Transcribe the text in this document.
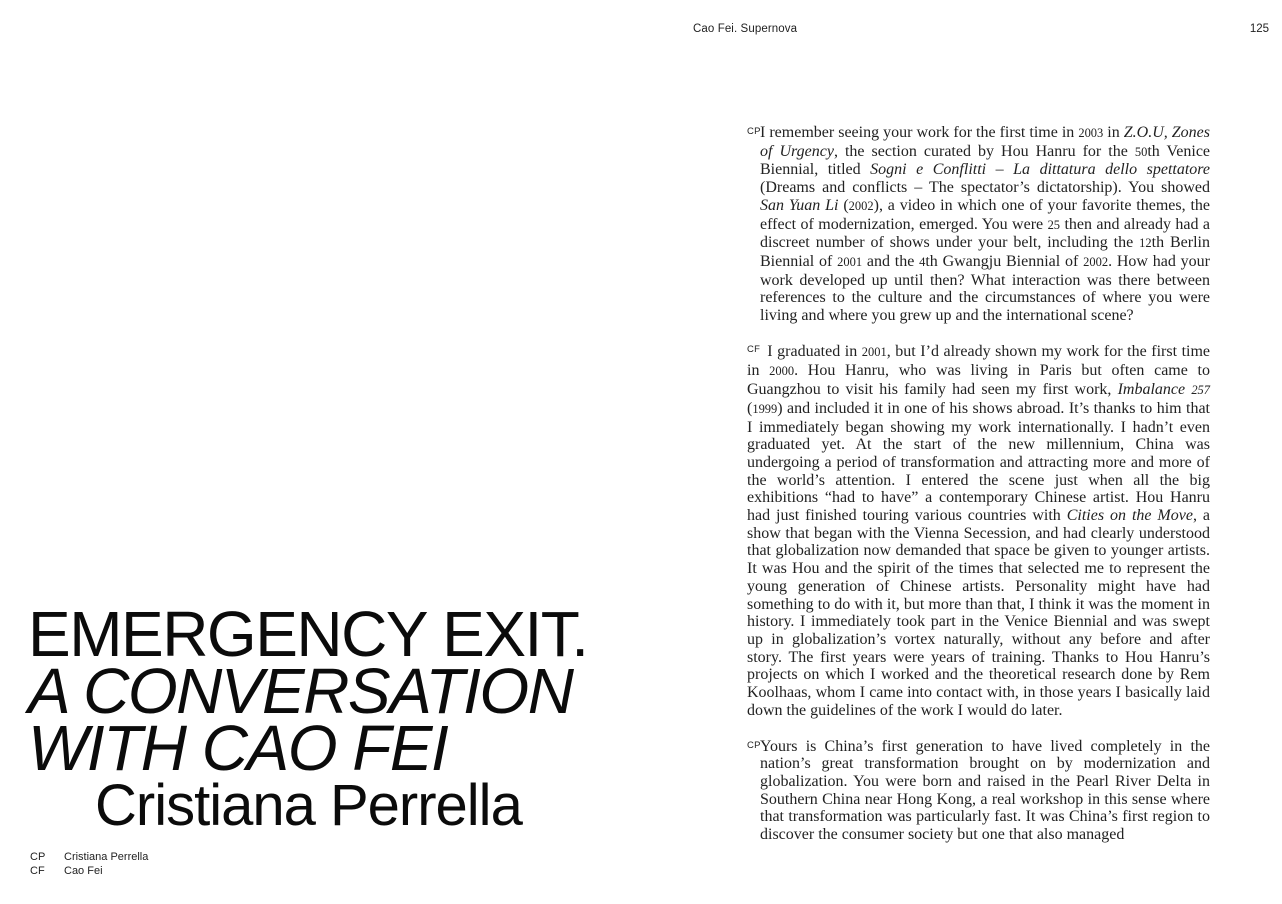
Cao Fei. Supernova	125
EMERGENCY EXIT.
A CONVERSATION
WITH CAO FEI
Cristiana Perrella
CP	Cristiana Perrella
CF	Cao Fei
CP I remember seeing your work for the first time in 2003 in Z.O.U, Zones of Urgency, the section curated by Hou Hanru for the 50th Venice Biennial, titled Sogni e Conflitti – La dittatura dello spettatore (Dreams and conflicts – The spectator’s dictatorship). You showed San Yuan Li (2002), a video in which one of your favorite themes, the effect of modernization, emerged. You were 25 then and already had a discreet number of shows under your belt, including the 12th Berlin Biennial of 2001 and the 4th Gwangju Biennial of 2002. How had your work developed up until then? What interaction was there between references to the culture and the circumstances of where you were living and where you grew up and the international scene?

CF I graduated in 2001, but I’d already shown my work for the first time in 2000. Hou Hanru, who was living in Paris but often came to Guangzhou to visit his family had seen my first work, Imbalance 257 (1999) and included it in one of his shows abroad. It’s thanks to him that I immediately began showing my work internationally. I hadn’t even graduated yet. At the start of the new millennium, China was undergoing a period of transformation and attracting more and more of the world’s attention. I entered the scene just when all the big exhibitions “had to have” a contemporary Chinese artist. Hou Hanru had just finished touring various countries with Cities on the Move, a show that began with the Vienna Secession, and had clearly understood that globalization now demanded that space be given to younger artists. It was Hou and the spirit of the times that selected me to represent the young generation of Chinese artists. Personality might have had something to do with it, but more than that, I think it was the moment in history. I immediately took part in the Venice Biennial and was swept up in globalization’s vortex naturally, without any before and after story. The first years were years of training. Thanks to Hou Hanru’s projects on which I worked and the theoretical research done by Rem Koolhaas, whom I came into contact with, in those years I basically laid down the guidelines of the work I would do later.

CP Yours is China’s first generation to have lived completely in the nation’s great transformation brought on by modernization and globalization. You were born and raised in the Pearl River Delta in Southern China near Hong Kong, a real workshop in this sense where that transformation was particularly fast. It was China’s first region to discover the consumer society but one that also managed
